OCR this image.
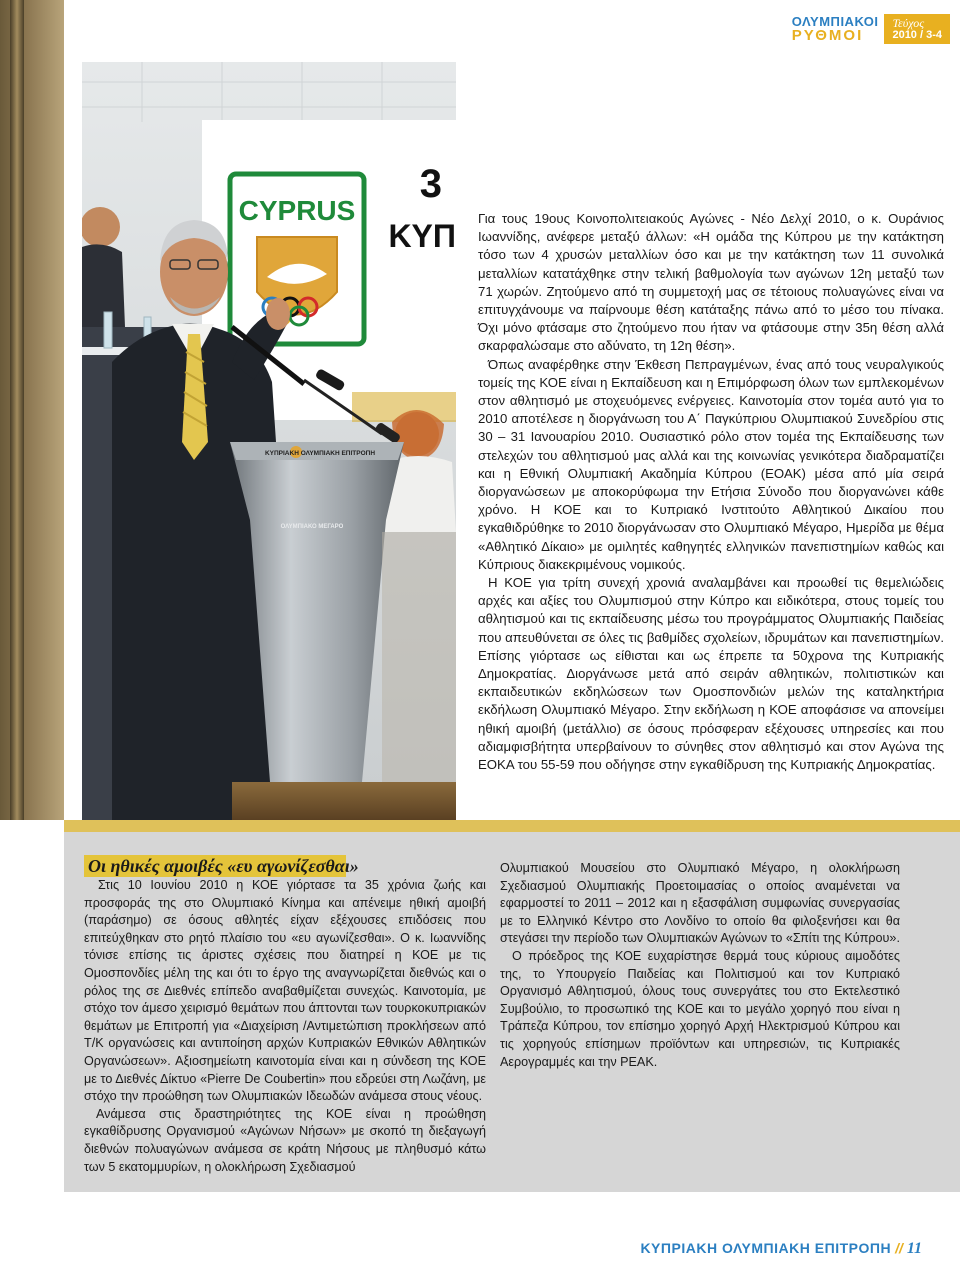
CYPRUS
3
ΚΥΠ
ΚΥΠΡΙΑΚΗ ΟΛΥΜΠΙΑΚΗ ΕΠΙΤΡΟΠΗ
ΟΛΥΜΠΙΑΚΟ ΜΕΓΑΡΟ
ΟΛΥΜΠΙΑΚΟΙ
ΡΥΘΜΟΙ
Τεύχος
2010 / 3-4

Για τους 19ους Κοινοπολιτειακούς Αγώνες - Νέο Δελχί 2010, ο κ. Ουράνιος Ιωαννίδης, ανέφερε μεταξύ άλλων: «Η ομάδα της Κύπρου με την κατάκτηση τόσο των 4 χρυσών μεταλλίων όσο και με την κατάκτηση των 11 συνολικά μεταλλίων κατατάχθηκε στην τελική βαθμολογία των αγώνων 12η μεταξύ των 71 χωρών. Ζητούμενο από τη συμμετοχή μας σε τέτοιους πολυαγώνες είναι να επιτυγχάνουμε να παίρνουμε θέση κατάταξης πάνω από το μέσο του πίνακα. Όχι μόνο φτάσαμε στο ζητούμενο που ήταν να φτάσουμε στην 35η θέση αλλά σκαρφαλώσαμε στο αδύνατο, τη 12η θέση».

Όπως αναφέρθηκε στην Έκθεση Πεπραγμένων, ένας από τους νευραλγικούς τομείς της ΚΟΕ είναι η Εκπαίδευση και η Επιμόρφωση όλων των εμπλεκομένων στον αθλητισμό με στοχευόμενες ενέργειες. Καινοτομία στον τομέα αυτό για το 2010 αποτέλεσε η διοργάνωση του Α΄ Παγκύπριου Ολυμπιακού Συνεδρίου στις 30 – 31 Ιανουαρίου 2010. Ουσιαστικό ρόλο στον τομέα της Εκπαίδευσης των στελεχών του αθλητισμού μας αλλά και της κοινωνίας γενικότερα διαδραματίζει και η Εθνική Ολυμπιακή Ακαδημία Κύπρου (ΕΟΑΚ) μέσα από μία σειρά διοργανώσεων με αποκορύφωμα την Ετήσια Σύνοδο που διοργανώνει κάθε χρόνο. Η ΚΟΕ και το Κυπριακό Ινστιτούτο Αθλητικού Δικαίου που εγκαθιδρύθηκε το 2010 διοργάνωσαν στο Ολυμπιακό Μέγαρο, Ημερίδα με θέμα «Αθλητικό Δίκαιο» με ομιλητές καθηγητές ελληνικών πανεπιστημίων καθώς και Κύπριους διακεκριμένους νομικούς.

Η ΚΟΕ για τρίτη συνεχή χρονιά αναλαμβάνει και προωθεί τις θεμελιώδεις αρχές και αξίες του Ολυμπισμού στην Κύπρο και ειδικότερα, στους τομείς του αθλητισμού και τις εκπαίδευσης μέσω του προγράμματος Ολυμπιακής Παιδείας που απευθύνεται σε όλες τις βαθμίδες σχολείων, ιδρυμάτων και πανεπιστημίων. Επίσης γιόρτασε ως είθισται και ως έπρεπε τα 50χρονα της Κυπριακής Δημοκρατίας. Διοργάνωσε μετά από σειράν αθλητικών, πολιτιστικών και εκπαιδευτικών εκδηλώσεων των Ομοσπονδιών μελών της καταληκτήρια εκδήλωση Ολυμπιακό Μέγαρο. Στην εκδήλωση η ΚΟΕ αποφάσισε να απονείμει ηθική αμοιβή (μετάλλιο) σε όσους πρόσφεραν εξέχουσες υπηρεσίες και που αδιαμφισβήτητα υπερβαίνουν το σύνηθες στον αθλητισμό και στον Αγώνα της ΕΟΚΑ του 55-59 που οδήγησε στην εγκαθίδρυση της Κυπριακής Δημοκρατίας.

Οι ηθικές αμοιβές «ευ αγωνίζεσθαι»

Στις 10 Ιουνίου 2010 η ΚΟΕ γιόρτασε τα 35 χρόνια ζωής και προσφοράς της στο Ολυμπιακό Κίνημα και απένειμε ηθική αμοιβή (παράσημο) σε όσους αθλητές είχαν εξέχουσες επιδόσεις που επιτεύχθηκαν στο ρητό πλαίσιο του «ευ αγωνίζεσθαι». Ο κ. Ιωαννίδης τόνισε επίσης τις άριστες σχέσεις που διατηρεί η ΚΟΕ με τις Ομοσπονδίες μέλη της και ότι το έργο της αναγνωρίζεται διεθνώς και ο ρόλος της σε Διεθνές επίπεδο αναβαθμίζεται συνεχώς. Καινοτομία, με στόχο τον άμεσο χειρισμό θεμάτων που άπτονται των τουρκοκυπριακών θεμάτων με Επιτροπή για «Διαχείριση /Αντιμετώπιση προκλήσεων από Τ/Κ οργανώσεις και αντιποίηση αρχών Κυπριακών Εθνικών Αθλητικών Οργανώσεων». Αξιοσημείωτη καινοτομία είναι και η σύνδεση της ΚΟΕ με το Διεθνές Δίκτυο «Pierre De Coubertin» που εδρεύει στη Λωζάνη, με στόχο την προώθηση των Ολυμπιακών Ιδεωδών ανάμεσα στους νέους.

Ανάμεσα στις δραστηριότητες της ΚΟΕ είναι η προώθηση εγκαθίδρυσης Οργανισμού «Αγώνων Νήσων» με σκοπό τη διεξαγωγή διεθνών πολυαγώνων ανάμεσα σε κράτη Νήσους με πληθυσμό κάτω των 5 εκατομμυρίων, η ολοκλήρωση Σχεδιασμού

Ολυμπιακού Μουσείου στο Ολυμπιακό Μέγαρο, η ολοκλήρωση Σχεδιασμού Ολυμπιακής Προετοιμασίας ο οποίος αναμένεται να εφαρμοστεί το 2011 – 2012 και η εξασφάλιση συμφωνίας συνεργασίας με το Ελληνικό Κέντρο στο Λονδίνο το οποίο θα φιλοξενήσει και θα στεγάσει την περίοδο των Ολυμπιακών Αγώνων το «Σπίτι της Κύπρου».

Ο πρόεδρος της ΚΟΕ ευχαρίστησε θερμά τους κύριους αιμοδότες της, το Υπουργείο Παιδείας και Πολιτισμού και τον Κυπριακό Οργανισμό Αθλητισμού, όλους τους συνεργάτες του στο Εκτελεστικό Συμβούλιο, το προσωπικό της ΚΟΕ και το μεγάλο χορηγό που είναι η Τράπεζα Κύπρου, τον επίσημο χορηγό Αρχή Ηλεκτρισμού Κύπρου και τις χορηγούς επίσημων προϊόντων και υπηρεσιών, τις Κυπριακές Αερογραμμές και την PEAK.

ΚΥΠΡΙΑΚΗ ΟΛΥΜΠΙΑΚΗ ΕΠΙΤΡΟΠΗ // 11
